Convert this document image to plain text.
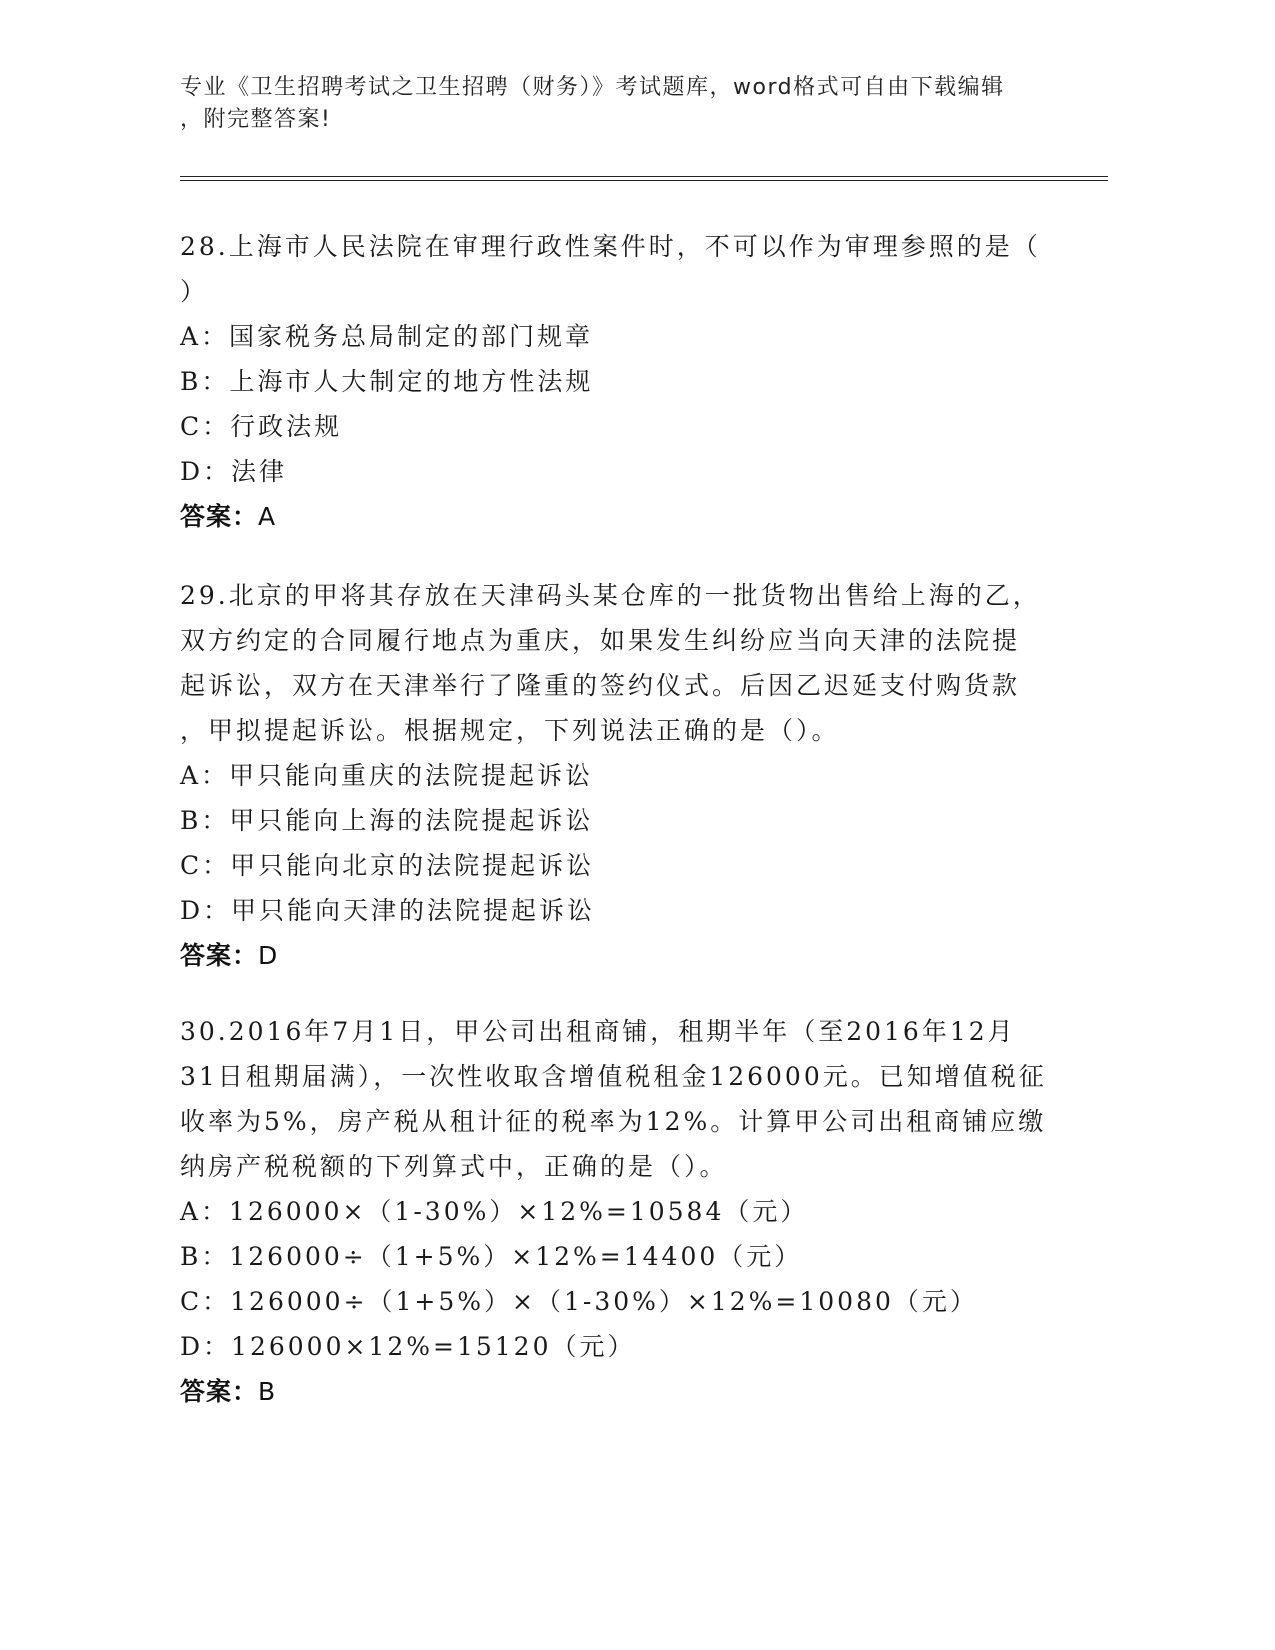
专业《卫生招聘考试之卫生招聘（财务）》考试题库，word格式可自由下载编辑
，附完整答案!
28.上海市人民法院在审理行政性案件时，不可以作为审理参照的是（
）
A：国家税务总局制定的部门规章
B：上海市人大制定的地方性法规
C：行政法规
D：法律
答案：A
29.北京的甲将其存放在天津码头某仓库的一批货物出售给上海的乙，
双方约定的合同履行地点为重庆，如果发生纠纷应当向天津的法院提
起诉讼，双方在天津举行了隆重的签约仪式。后因乙迟延支付购货款
，甲拟提起诉讼。根据规定，下列说法正确的是（）。
A：甲只能向重庆的法院提起诉讼
B：甲只能向上海的法院提起诉讼
C：甲只能向北京的法院提起诉讼
D：甲只能向天津的法院提起诉讼
答案：D
30.2016年7月1日，甲公司出租商铺，租期半年（至2016年12月
31日租期届满），一次性收取含增值税租金126000元。已知增值税征
收率为5%，房产税从租计征的税率为12%。计算甲公司出租商铺应缴
纳房产税税额的下列算式中，正确的是（）。
A：126000×（1-30%）×12%=10584（元）
B：126000÷（1+5%）×12%=14400（元）
C：126000÷（1+5%）×（1-30%）×12%=10080（元）
D：126000×12%=15120（元）
答案：B
